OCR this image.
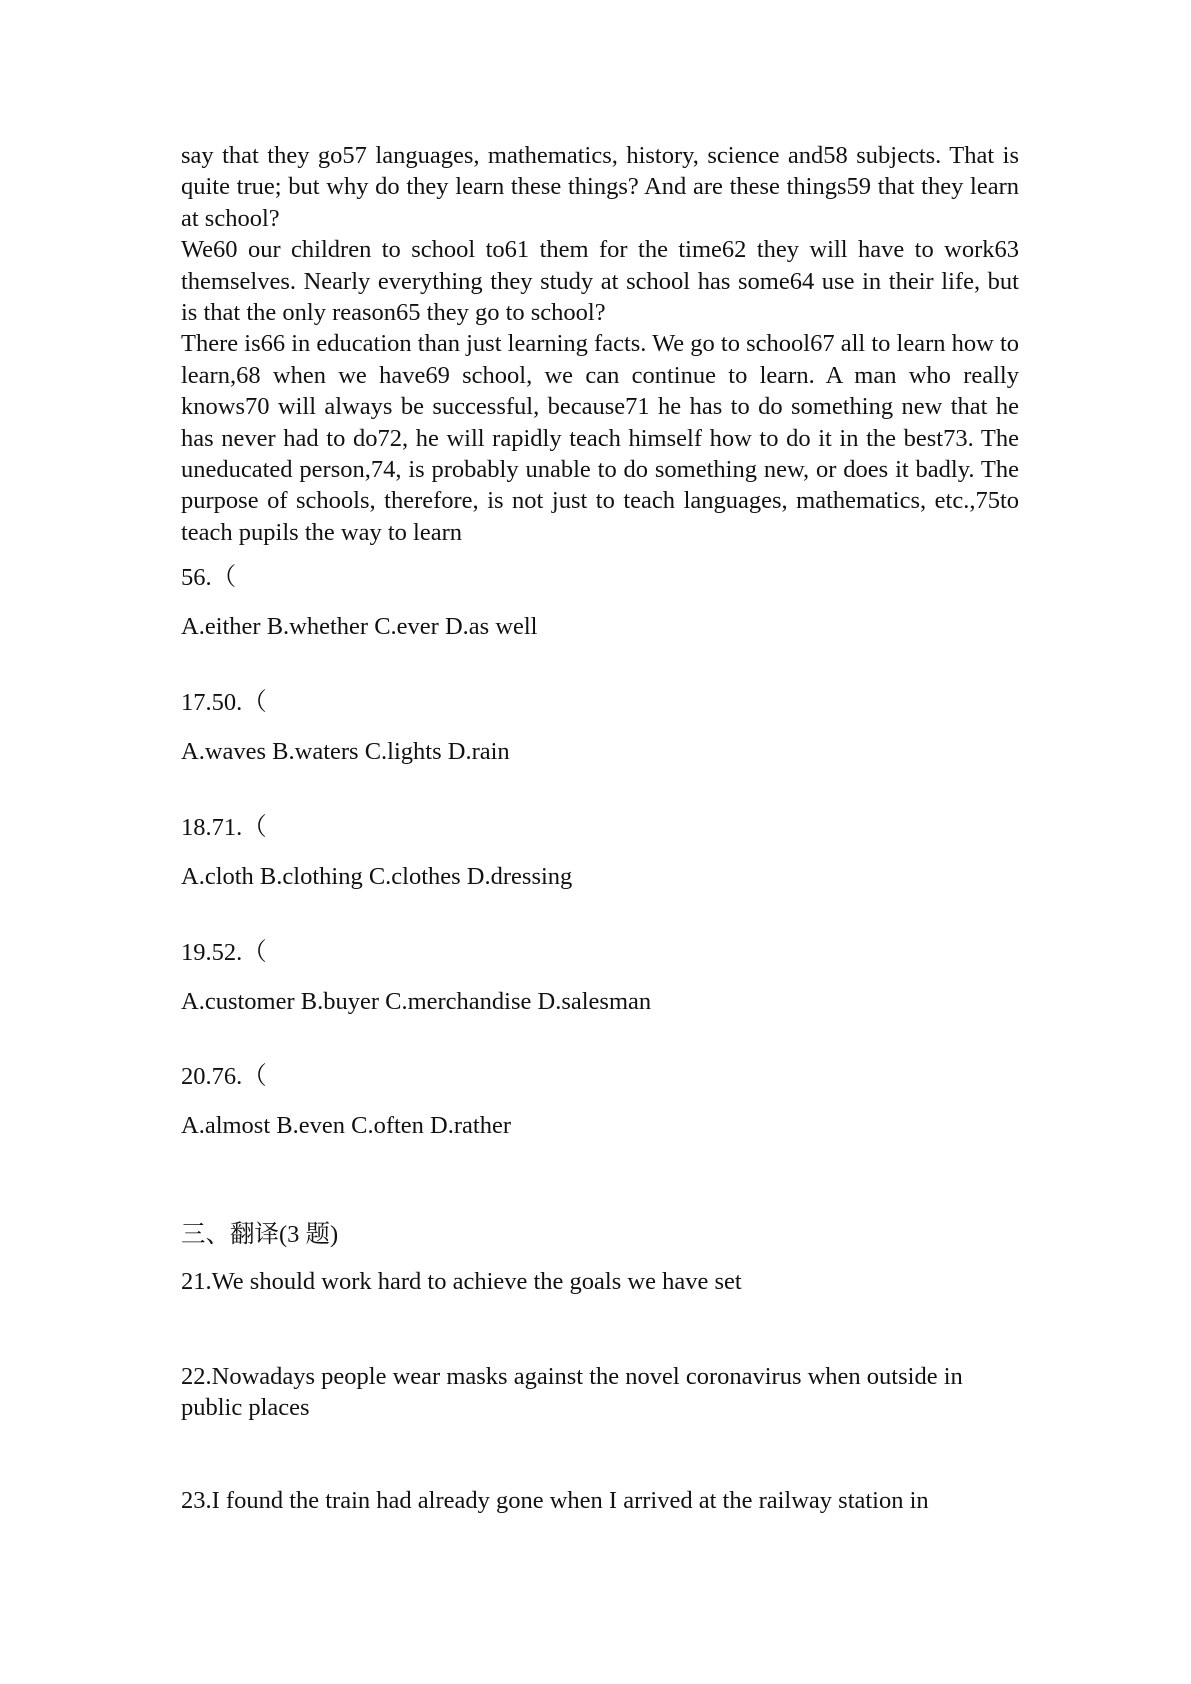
say that they go57 languages, mathematics, history, science and58 subjects. That is quite true; but why do they learn these things? And are these things59 that they learn at school?

We60 our children to school to61 them for the time62 they will have to work63 themselves. Nearly everything they study at school has some64 use in their life, but is that the only reason65 they go to school?

There is66 in education than just learning facts. We go to school67 all to learn how to learn,68 when we have69 school, we can continue to learn. A man who really knows70 will always be successful, because71 he has to do something new that he has never had to do72, he will rapidly teach himself how to do it in the best73. The uneducated person,74, is probably unable to do something new, or does it badly. The purpose of schools, therefore, is not just to teach languages, mathematics, etc.,75to teach pupils the way to learn

56.（
A.either B.whether C.ever D.as well
17.50.（
A.waves B.waters C.lights D.rain
18.71.（
A.cloth B.clothing C.clothes D.dressing
19.52.（
A.customer B.buyer C.merchandise D.salesman
20.76.（
A.almost B.even C.often D.rather
三、翻译(3 题)
21.We should work hard to achieve the goals we have set
22.Nowadays people wear masks against the novel coronavirus when outside in public places
23.I found the train had already gone when I arrived at the railway station in
